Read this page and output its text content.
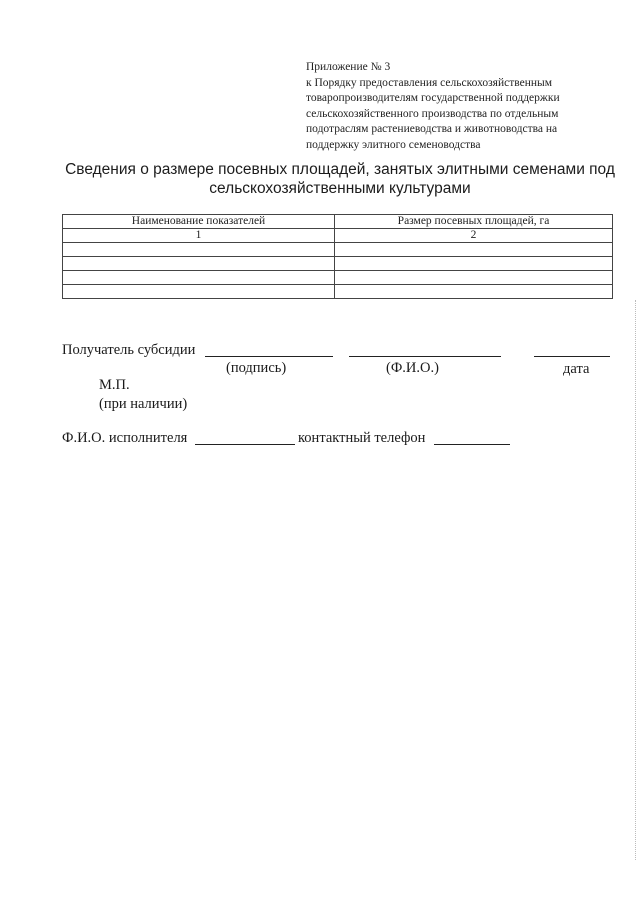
Приложение № 3
к Порядку предоставления сельскохозяйственным
товаропроизводителям государственной поддержки
сельскохозяйственного производства по отдельным
подотраслям растениеводства и животноводства на
поддержку элитного семеноводства
Сведения о размере посевных площадей, занятых элитными семенами под
сельскохозяйственными культурами
Наименование показателей	Размер посевных площадей, га
1	2

Получатель субсидии
(подпись)	(Ф.И.О.)	дата
М.П.
(при наличии)
Ф.И.О. исполнителя	контактный телефон
